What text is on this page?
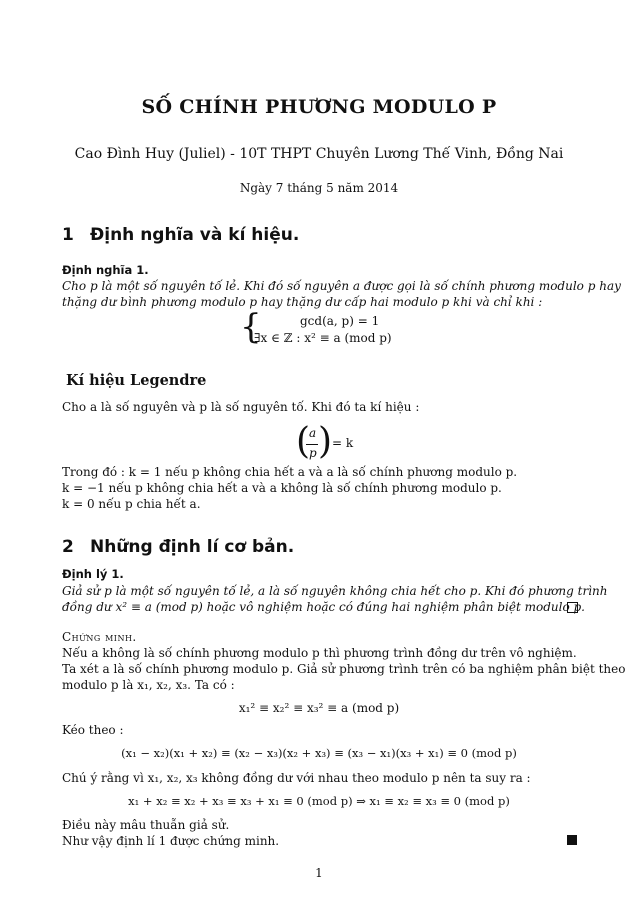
SỐ CHÍNH PHƯƠNG MODULO P
Cao Đình Huy (Juliel) - 10T THPT Chuyên Lương Thế Vinh, Đồng Nai
Ngày 7 tháng 5 năm 2014
1 Định nghĩa và kí hiệu.
Định nghĩa 1.
Cho p là một số nguyên tố lẻ. Khi đó số nguyên a được gọi là số chính phương modulo p hay
thặng dư bình phương modulo p hay thặng dư cấp hai modulo p khi và chỉ khi :
{	gcd(a, p) = 1
∃x ∈ ℤ : x² ≡ a (mod p)
Kí hiệu Legendre
Cho a là số nguyên và p là số nguyên tố. Khi đó ta kí hiệu :
(
a
p ) = k
Trong đó : k = 1 nếu p không chia hết a và a là số chính phương modulo p.
k = −1 nếu p không chia hết a và a không là số chính phương modulo p.
k = 0 nếu p chia hết a.
2 Những định lí cơ bản.
Định lý 1.
Giả sử p là một số nguyên tố lẻ, a là số nguyên không chia hết cho p. Khi đó phương trình
đồng dư x² ≡ a (mod p) hoặc vô nghiệm hoặc có đúng hai nghiệm phân biệt modulo p.
Chứng minh.
Nếu a không là số chính phương modulo p thì phương trình đồng dư trên vô nghiệm.
Ta xét a là số chính phương modulo p. Giả sử phương trình trên có ba nghiệm phân biệt theo
modulo p là x₁, x₂, x₃. Ta có :
x₁² ≡ x₂² ≡ x₃² ≡ a (mod p)
Kéo theo :
(x₁ − x₂)(x₁ + x₂) ≡ (x₂ − x₃)(x₂ + x₃) ≡ (x₃ − x₁)(x₃ + x₁) ≡ 0 (mod p)
Chú ý rằng vì x₁, x₂, x₃ không đồng dư với nhau theo modulo p nên ta suy ra :
x₁ + x₂ ≡ x₂ + x₃ ≡ x₃ + x₁ ≡ 0 (mod p) ⇒ x₁ ≡ x₂ ≡ x₃ ≡ 0 (mod p)
Điều này mâu thuẫn giả sử.
Như vậy định lí 1 được chứng minh.
1
